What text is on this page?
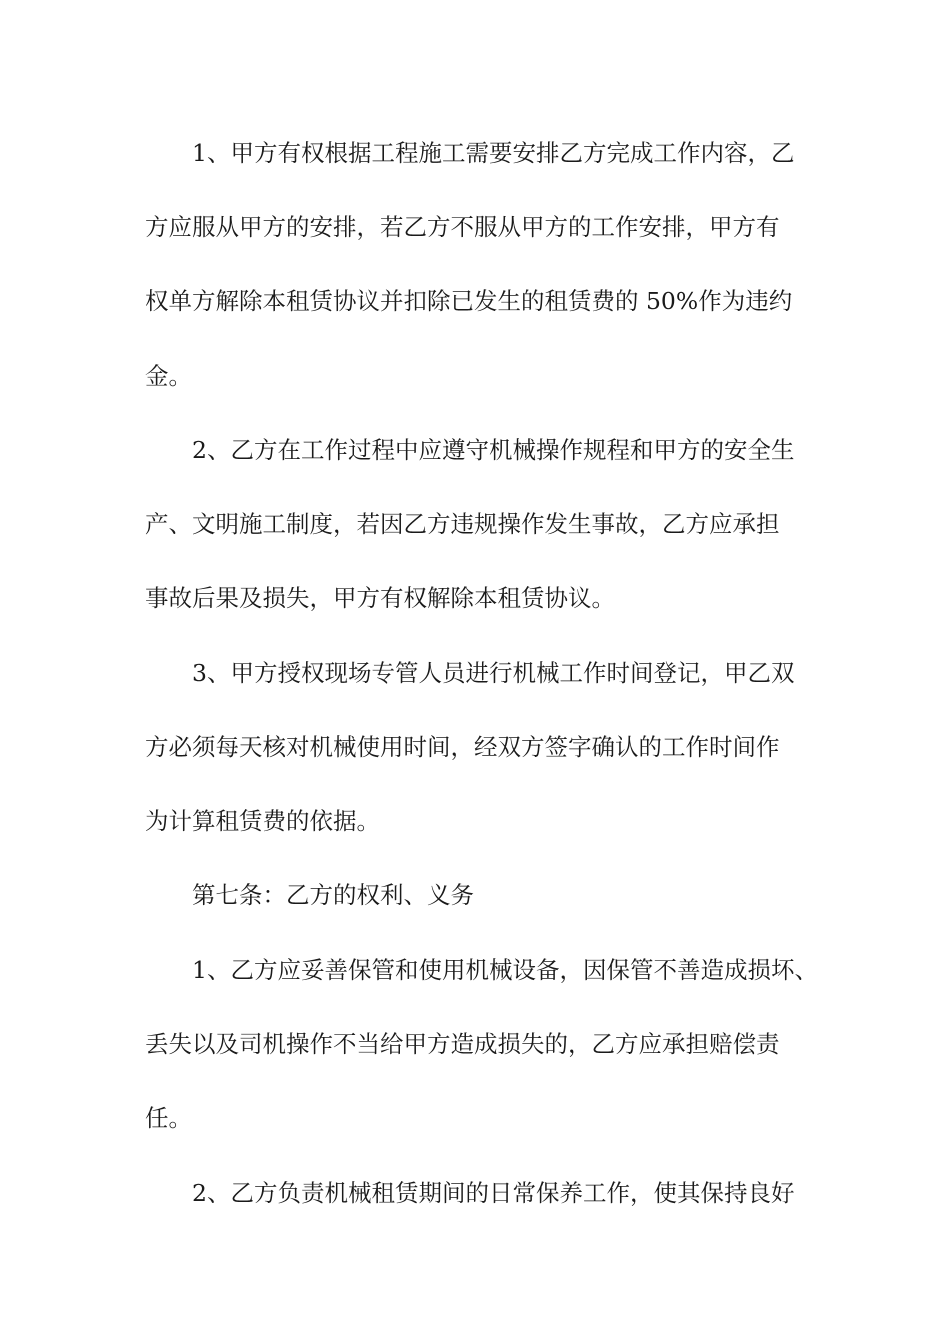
1、甲方有权根据工程施工需要安排乙方完成工作内容，乙
方应服从甲方的安排，若乙方不服从甲方的工作安排，甲方有
权单方解除本租赁协议并扣除已发生的租赁费的 50%作为违约
金。
2、乙方在工作过程中应遵守机械操作规程和甲方的安全生
产、文明施工制度，若因乙方违规操作发生事故，乙方应承担
事故后果及损失，甲方有权解除本租赁协议。
3、甲方授权现场专管人员进行机械工作时间登记，甲乙双
方必须每天核对机械使用时间，经双方签字确认的工作时间作
为计算租赁费的依据。
第七条：乙方的权利、义务
1、乙方应妥善保管和使用机械设备，因保管不善造成损坏、
丢失以及司机操作不当给甲方造成损失的，乙方应承担赔偿责
任。
2、乙方负责机械租赁期间的日常保养工作，使其保持良好
